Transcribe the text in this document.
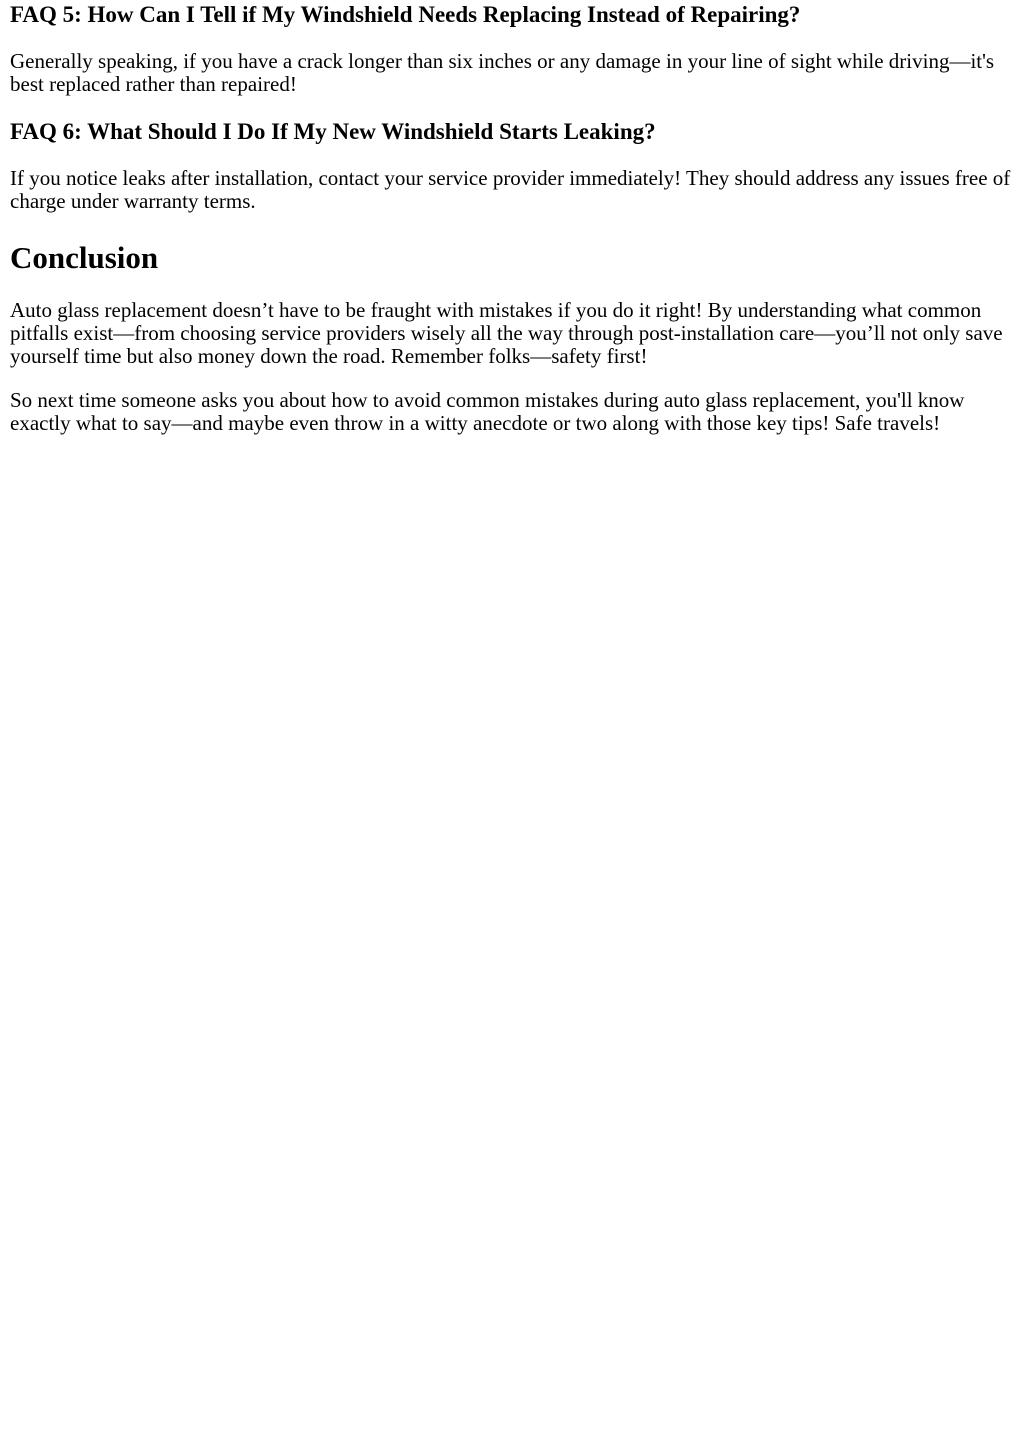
FAQ 5: How Can I Tell if My Windshield Needs Replacing Instead of Repairing?

Generally speaking, if you have a crack longer than six inches or any damage in your line of sight while driving—it's best replaced rather than repaired!

FAQ 6: What Should I Do If My New Windshield Starts Leaking?

If you notice leaks after installation, contact your service provider immediately! They should address any issues free of charge under warranty terms.

Conclusion

Auto glass replacement doesn’t have to be fraught with mistakes if you do it right! By understanding what common pitfalls exist—from choosing service providers wisely all the way through post-installation care—you’ll not only save yourself time but also money down the road. Remember folks—safety first!

So next time someone asks you about how to avoid common mistakes during auto glass replacement, you'll know exactly what to say—and maybe even throw in a witty anecdote or two along with those key tips! Safe travels!
